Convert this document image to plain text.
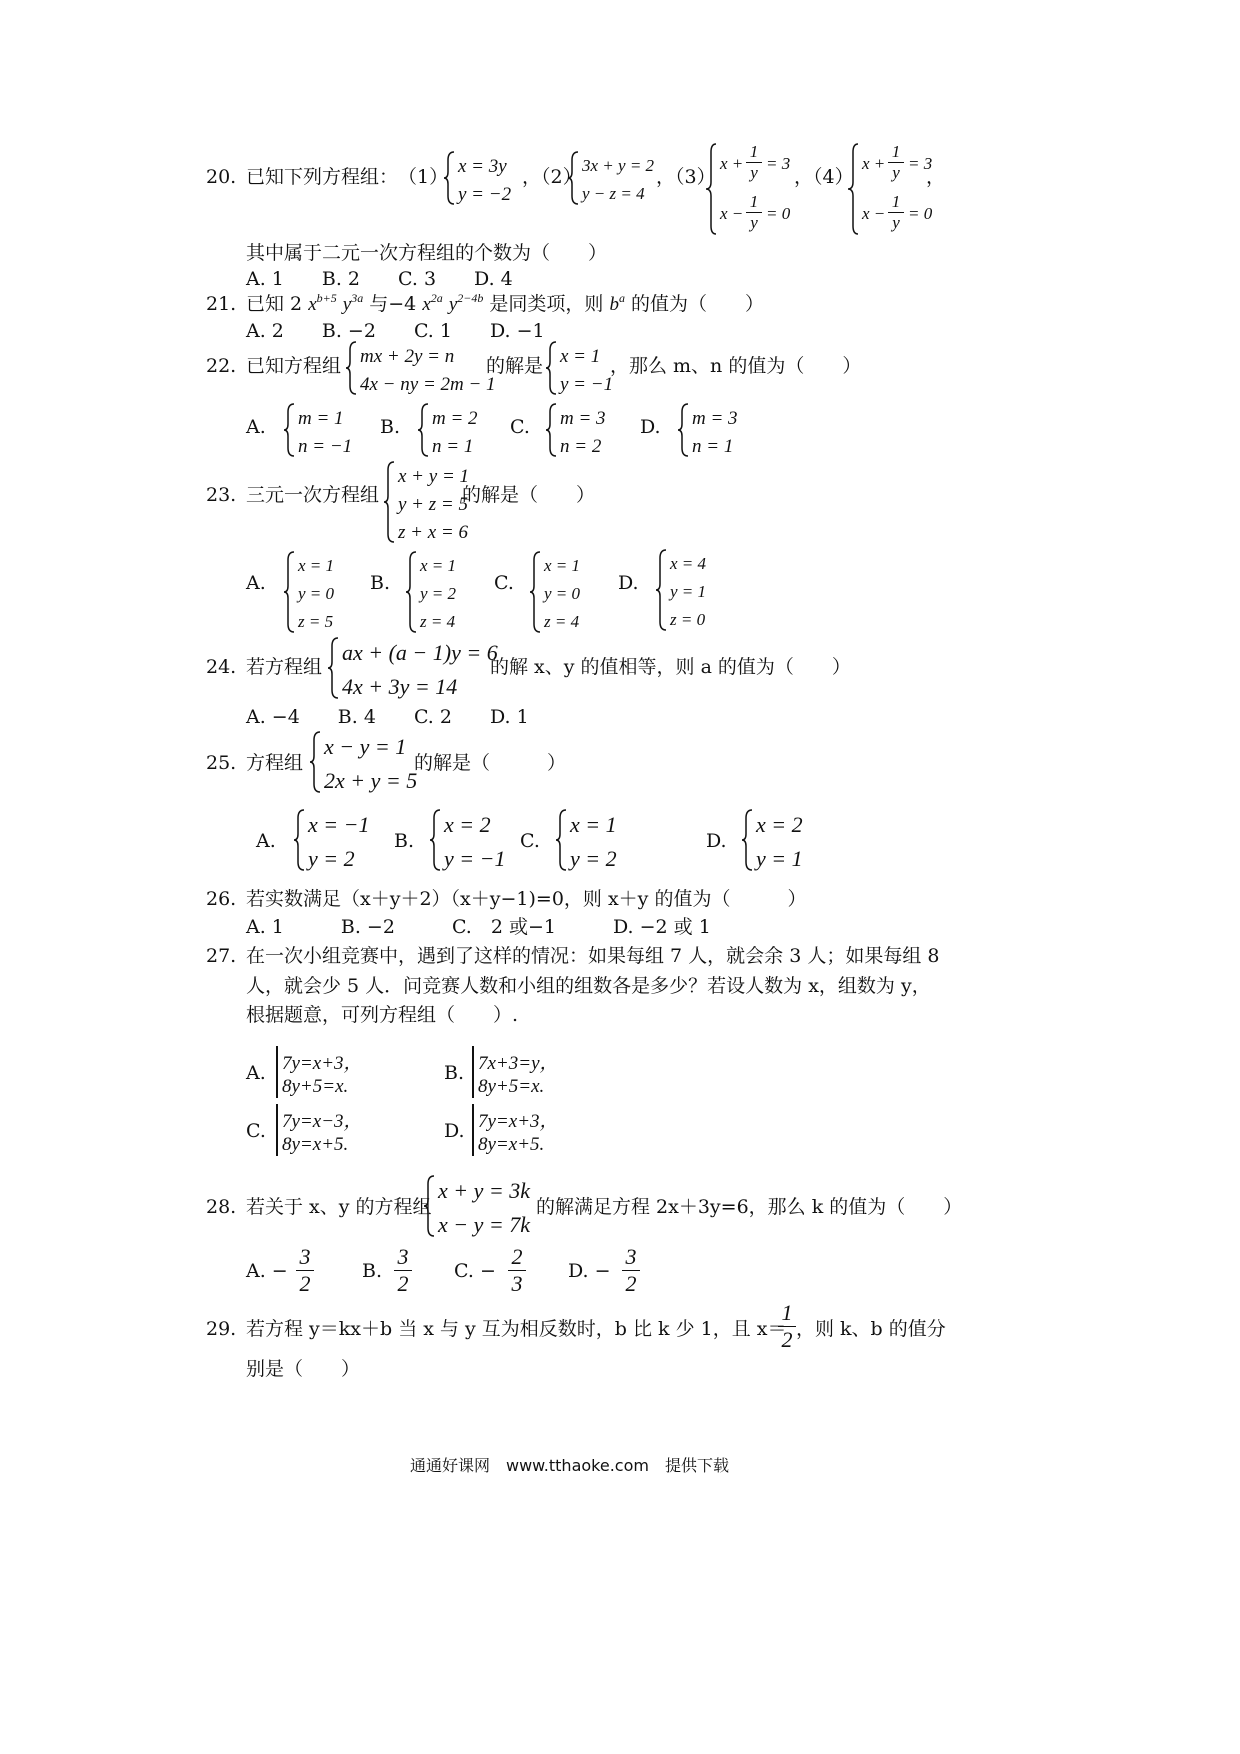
20. 已知下列方程组： （1） x = 3y
y = −2
，（2）
3x + y = 2
y − z = 4
，（3）
$x + \frac{1}{y} = 3$
$x - \frac{1}{y} = 0$
，（4）
$x + \frac{1}{y} = 3$
$x - \frac{1}{y} = 0$
，
其中属于二元一次方程组的个数为（　　）
A. 1　　B. 2　　C. 3　　D. 4
21. 已知 2 $x^{b+5}$ $y^{3a}$ 与−4 $x^{2a}$ $y^{2-4b}$ 是同类项，则 $b^a$ 的值为（　　）
A. 2　　B. −2　　C. 1　　D. −1
22. 已知方程组 mx + 2y = n
4x − ny = 2m − 1
的解是 x = 1
y = −1
，那么 m、n 的值为（　　）
A. m = 1
n = −1
B. m = 2
n = 1
C. m = 3
n = 2
D. m = 3
n = 1
23. 三元一次方程组
x + y = 1
y + z = 5
z + x = 6
的解是（　　）
A.
x = 1
y = 0
z = 5
B.
x = 1
y = 2
z = 4
C.
x = 1
y = 0
z = 4
D.
x = 4
y = 1
z = 0
24. 若方程组
ax + (a − 1)y = 6
4x + 3y = 14
的解 x、y 的值相等，则 a 的值为（　　）
A. −4　　B. 4　　C. 2　　D. 1
25. 方程组
x − y = 1
2x + y = 5
的解是（　　　）
A.
x = −1
y = 2
B.
x = 2
y = −1
C.
x = 1
y = 2
D.
x = 2
y = 1
26. 若实数满足（x＋y＋2）（x＋y−1)=0，则 x＋y 的值为（　　　）
A. 1　　　B. −2　　　C.　2 或−1　　　D. −2 或 1
27. 在一次小组竞赛中，遇到了这样的情况：如果每组 7 人，就会余 3 人；如果每组 8
人，就会少 5 人．问竞赛人数和小组的组数各是多少？若设人数为 x，组数为 y，
根据题意，可列方程组（　　）.
A. 7y=x+3，
8y+5=x.
B. 7x+3=y，
8y+5=x.
C. 7y=x−3，
8y=x+5.
D. 7y=x+3，
8y=x+5.
28. 若关于 x、y 的方程组
x + y = 3k
x − y = 7k
的解满足方程 2x＋3y=6，那么 k 的值为（　　）
A. − $\frac{3}{2}$	B. $\frac{3}{2} C$. − $\frac{2}{3} D$. − $\frac{3}{2}$
29. 若方程 y＝kx＋b 当 x 与 y 互为相反数时，b 比 k 少 1，且 x＝
$\frac{1}{2}$ ，则 k、b 的值分
别是（　　）
通通好课网　www.tthaoke.com　提供下载
